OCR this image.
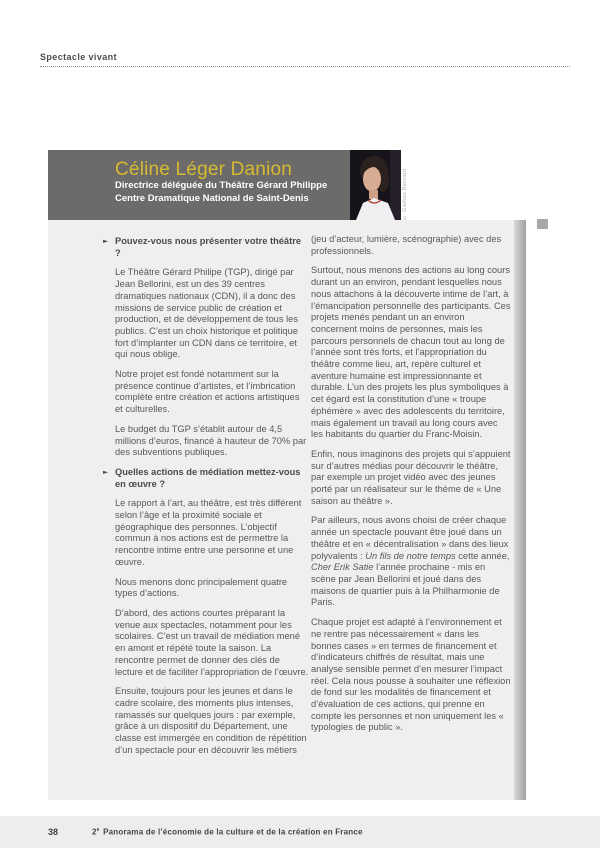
Spectacle vivant
Céline Léger Danion
Directrice déléguée du Théâtre Gérard Philippe
Centre Dramatique National de Saint-Denis	© Gaëtan Bernard
► Pouvez-vous nous présenter votre théâtre ?

Le Théâtre Gérard Philipe (TGP), dirigé par Jean Bellorini, est un des 39 centres dramatiques nationaux (CDN), il a donc des missions de service public de création et production, et de développement de tous les publics. C’est un choix historique et politique fort d’implanter un CDN dans ce territoire, et qui nous oblige.

Notre projet est fondé notamment sur la présence continue d’artistes, et l’imbrication complète entre création et actions artistiques et culturelles.

Le budget du TGP s’établit autour de 4,5 millions d’euros, financé à hauteur de 70% par des subventions publiques.

► Quelles actions de médiation mettez-vous en œuvre ?

Le rapport à l’art, au théâtre, est très différent selon l’âge et la proximité sociale et géographique des personnes. L’objectif commun à nos actions est de permettre la rencontre intime entre une personne et une œuvre.

Nous menons donc principalement quatre types d’actions.

D’abord, des actions courtes préparant la venue aux spectacles, notamment pour les scolaires. C’est un travail de médiation mené en amont et répété toute la saison. La rencontre permet de donner des clés de lecture et de faciliter l’appropriation de l’œuvre.

Ensuite, toujours pour les jeunes et dans le cadre scolaire, des moments plus intenses, ramassés sur quelques jours : par exemple, grâce à un dispositif du Département, une classe est immergée en condition de répétition d’un spectacle pour en découvrir les métiers

(jeu d’acteur, lumière, scénographie) avec des professionnels.

Surtout, nous menons des actions au long cours durant un an environ, pendant lesquelles nous nous attachons à la découverte intime de l’art, à l’émancipation personnelle des participants. Ces projets menés pendant un an environ concernent moins de personnes, mais les parcours personnels de chacun tout au long de l’année sont très forts, et l’appropriation du théâtre comme lieu, art, repère culturel et aventure humaine est impressionnante et durable. L’un des projets les plus symboliques à cet égard est la constitution d’une « troupe éphémère » avec des adolescents du territoire, mais également un travail au long cours avec les habitants du quartier du Franc-Moisin.

Enfin, nous imaginons des projets qui s’appuient sur d’autres médias pour découvrir le théâtre, par exemple un projet vidéo avec des jeunes porté par un réalisateur sur le thème de « Une saison au théâtre ».

Par ailleurs, nous avons choisi de créer chaque année un spectacle pouvant être joué dans un théâtre et en « décentralisation » dans des lieux polyvalents : Un fils de notre temps cette année, Cher Erik Satie l’année prochaine - mis en scène par Jean Bellorini et joué dans des maisons de quartier puis à la Philharmonie de Paris.

Chaque projet est adapté à l’environnement et ne rentre pas nécessairement « dans les bonnes cases » en termes de financement et d’indicateurs chiffrés de résultat, mais une analyse sensible permet d’en mesurer l’impact réel. Cela nous pousse à souhaiter une réflexion de fond sur les modalités de financement et d’évaluation de ces actions, qui prenne en compte les personnes et non uniquement les « typologies de public ».

38	2e Panorama de l’économie de la culture et de la création en France
